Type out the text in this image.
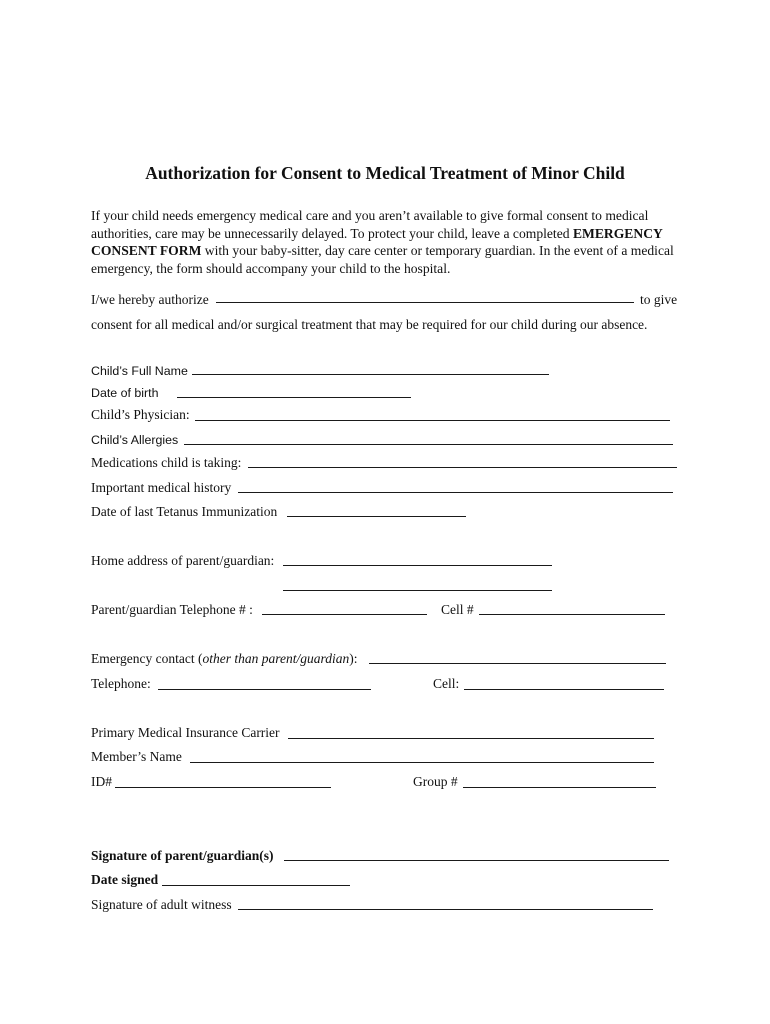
Authorization for Consent to Medical Treatment of Minor Child

If your child needs emergency medical care and you aren’t available to give formal consent to medical authorities, care may be unnecessarily delayed. To protect your child, leave a completed EMERGENCY CONSENT FORM with your baby-sitter, day care center or temporary guardian. In the event of a medical emergency, the form should accompany your child to the hospital.

I/we hereby authorize	to give
consent for all medical and/or surgical treatment that may be required for our child during our absence.
Child’s Full Name
Date of birth
Child’s Physician:
Child’s Allergies
Medications child is taking:
Important medical history
Date of last Tetanus Immunization
Home address of parent/guardian:
Parent/guardian Telephone # :	Cell #
Emergency contact (other than parent/guardian):
Telephone:	Cell:
Primary Medical Insurance Carrier
Member’s Name
ID#	Group #
Signature of parent/guardian(s)
Date signed
Signature of adult witness
